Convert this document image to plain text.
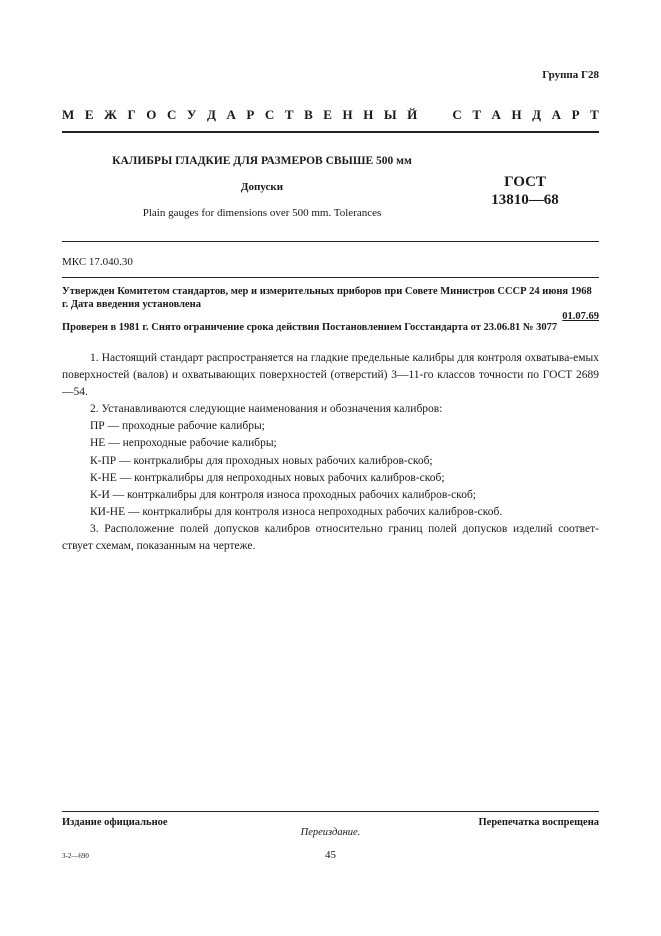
Группа Г28
М Е Ж Г О С У Д А Р С Т В Е Н Н Ы Й	С Т А Н Д А Р Т
КАЛИБРЫ ГЛАДКИЕ ДЛЯ РАЗМЕРОВ СВЫШЕ 500 мм
Допуски
Plain gauges for dimensions over 500 mm. Tolerances
ГОСТ
13810—68
МКС 17.040.30
Утвержден Комитетом стандартов, мер и измерительных приборов при Совете Министров СССР 24 июня 1968 г. Дата введения установлена
01.07.69
Проверен в 1981 г. Снято ограничение срока действия Постановлением Госстандарта от 23.06.81 № 3077

1. Настоящий стандарт распространяется на гладкие предельные калибры для контроля охватыва-емых поверхностей (валов) и охватывающих поверхностей (отверстий) 3—11-го классов точности по ГОСТ 2689—54.

2. Устанавливаются следующие наименования и обозначения калибров:

ПР — проходные рабочие калибры;

НЕ — непроходные рабочие калибры;

К-ПР — контркалибры для проходных новых рабочих калибров-скоб;

К-НЕ — контркалибры для непроходных новых рабочих калибров-скоб;

К-И — контркалибры для контроля износа проходных рабочих калибров-скоб;

КИ-НЕ — контркалибры для контроля износа непроходных рабочих калибров-скоб.

3. Расположение полей допусков калибров относительно границ полей допусков изделий соответ-ствует схемам, показанным на чертеже.

Издание официальное	Перепечатка воспрещена
Переиздание.
3-2—690	45
